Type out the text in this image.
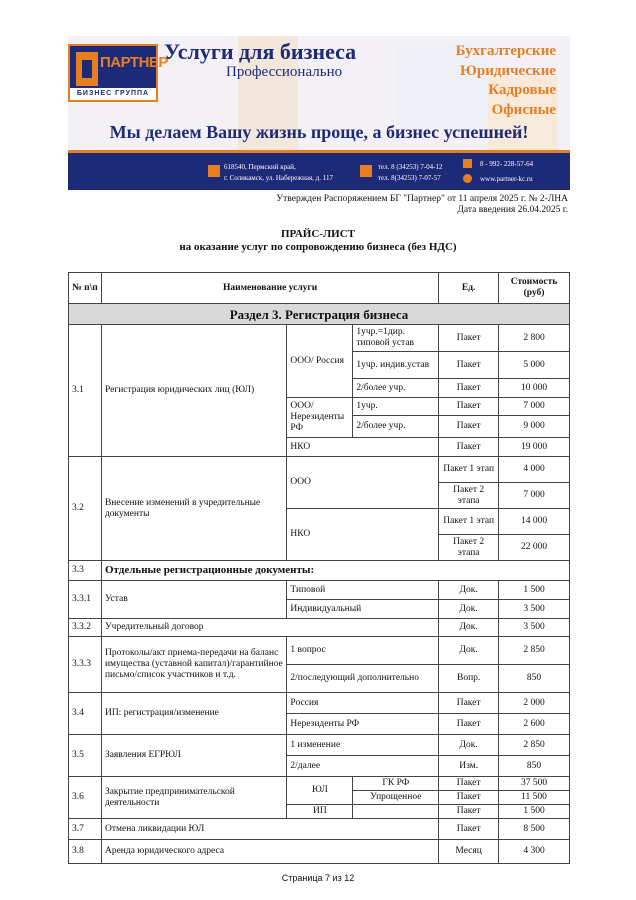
ПАРТНЕР
БИЗНЕС ГРУППА
Услуги для бизнеса
Профессионально
Бухгалтерские
Юридические
Кадровые
Офисные
Мы делаем Вашу жизнь проще, а бизнес успешней!
618540, Пермский край,
г. Соликамск, ул. Набережная, д. 117
тел. 8 (34253) 7-04-12
тел. 8(34253) 7-07-57
8 - 992- 228-57-64
www.partner-kc.ru
Утвержден Распоряжением БГ "Партнер" от 11 апреля 2025 г. № 2-ЛНА
Дата введения 26.04.2025 г.
ПРАЙС-ЛИСТ
на оказание услуг по сопровождению бизнеса (без НДС)
№ п\п	Наименование услуги			Ед.	Стоимость (руб)
Раздел 3. Регистрация бизнеса					
3.1	Регистрация юридических лиц (ЮЛ)	ООО/ Россия	1учр.=1дир. типовой устав	Пакет	2 800
			1учр. индив.устав	Пакет	5 000
			2/более учр.	Пакет	10 000
		ООО/ Нерезиденты РФ	1учр.	Пакет	7 000
			2/более учр.	Пакет	9 000
		НКО		Пакет	19 000
3.2	Внесение изменений в учредительные документы	ООО		Пакет 1 этап	4 000
				Пакет 2 этапа	7 000
		НКО		Пакет 1 этап	14 000
				Пакет 2 этапа	22 000
3.3	Отдельные регистрационные документы:				
3.3.1	Устав	Типовой		Док.	1 500
		Индивидуальный		Док.	3 500
3.3.2	Учредительный договор			Док.	3 500
3.3.3	Протоколы/акт приема-передачи на баланс имущества (уставной капитал)/гарантийное письмо/список участников и т.д.	1 вопрос		Док.	2 850
		2/последующий дополнительно		Вопр.	850
3.4	ИП: регистрация/изменение	Россия		Пакет	2 000
		Нерезиденты РФ		Пакет	2 600
3.5	Заявления ЕГРЮЛ	1 изменение		Док.	2 850
		2/далее		Изм.	850
3.6	Закрытие предпринимательской деятельности	ЮЛ	ГК РФ	Пакет	37 500
			Упрощенное	Пакет	11 500
		ИП		Пакет	1 500
3.7	Отмена ликвидации ЮЛ			Пакет	8 500
3.8	Аренда юридического адреса			Месяц	4 300
Страница 7 из 12
